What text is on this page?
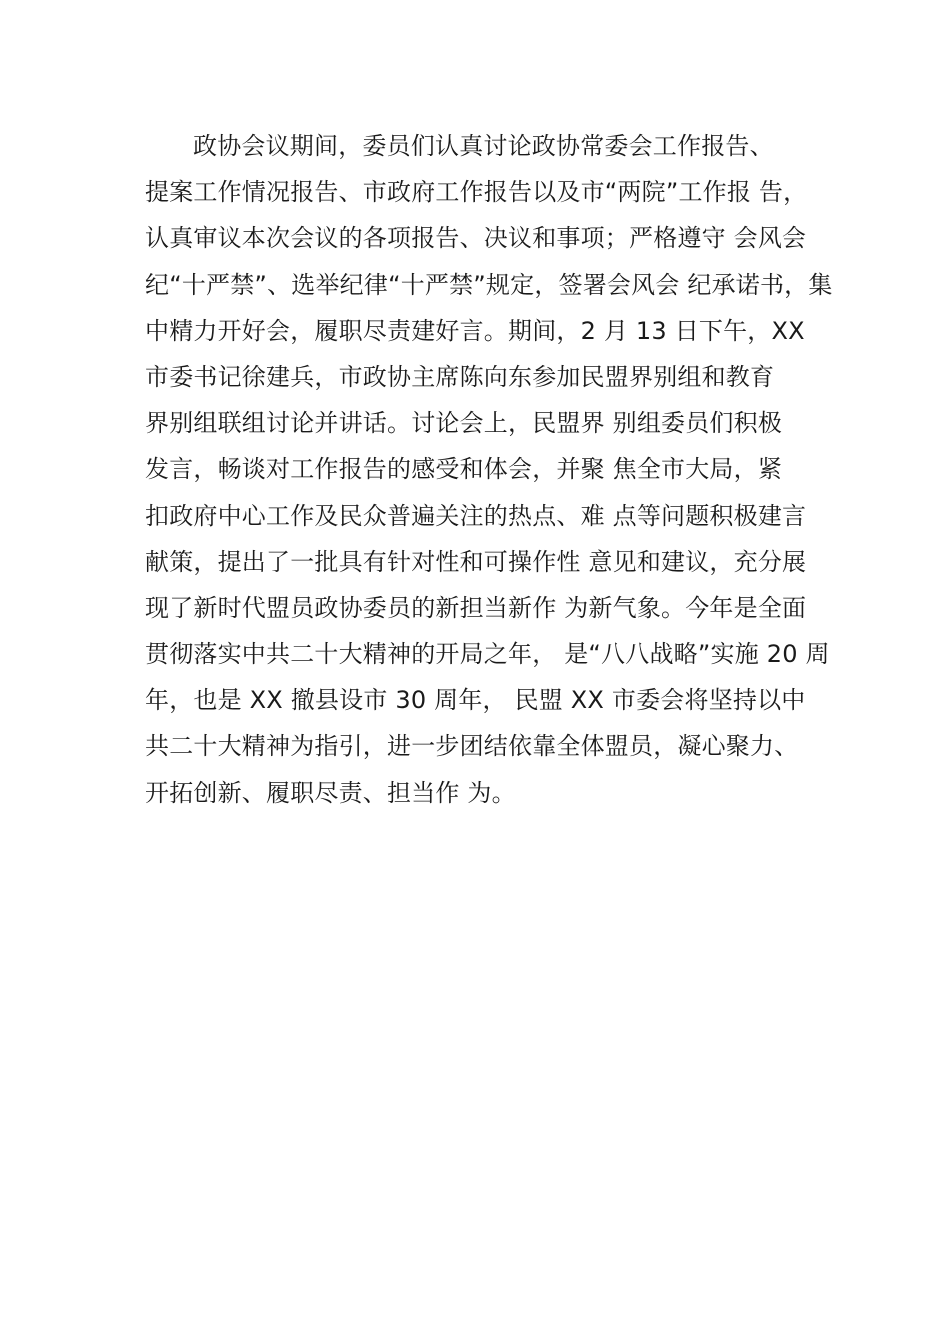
政协会议期间，委员们认真讨论政协常委会工作报告、
提案工作情况报告、市政府工作报告以及市“两院”工作报 告，
认真审议本次会议的各项报告、决议和事项；严格遵守 会风会
纪“十严禁”、选举纪律“十严禁”规定，签署会风会 纪承诺书，集
中精力开好会，履职尽责建好言。期间，2 月 13 日下午，XX
市委书记徐建兵，市政协主席陈向东参加民盟界别组和教育
界别组联组讨论并讲话。讨论会上，民盟界 别组委员们积极
发言，畅谈对工作报告的感受和体会，并聚 焦全市大局，紧
扣政府中心工作及民众普遍关注的热点、难 点等问题积极建言
献策，提出了一批具有针对性和可操作性 意见和建议，充分展
现了新时代盟员政协委员的新担当新作 为新气象。今年是全面
贯彻落实中共二十大精神的开局之年， 是“八八战略”实施 20 周
年，也是 XX 撤县设市 30 周年， 民盟 XX 市委会将坚持以中
共二十大精神为指引，进一步团结依靠全体盟员，凝心聚力、
开拓创新、履职尽责、担当作 为。
